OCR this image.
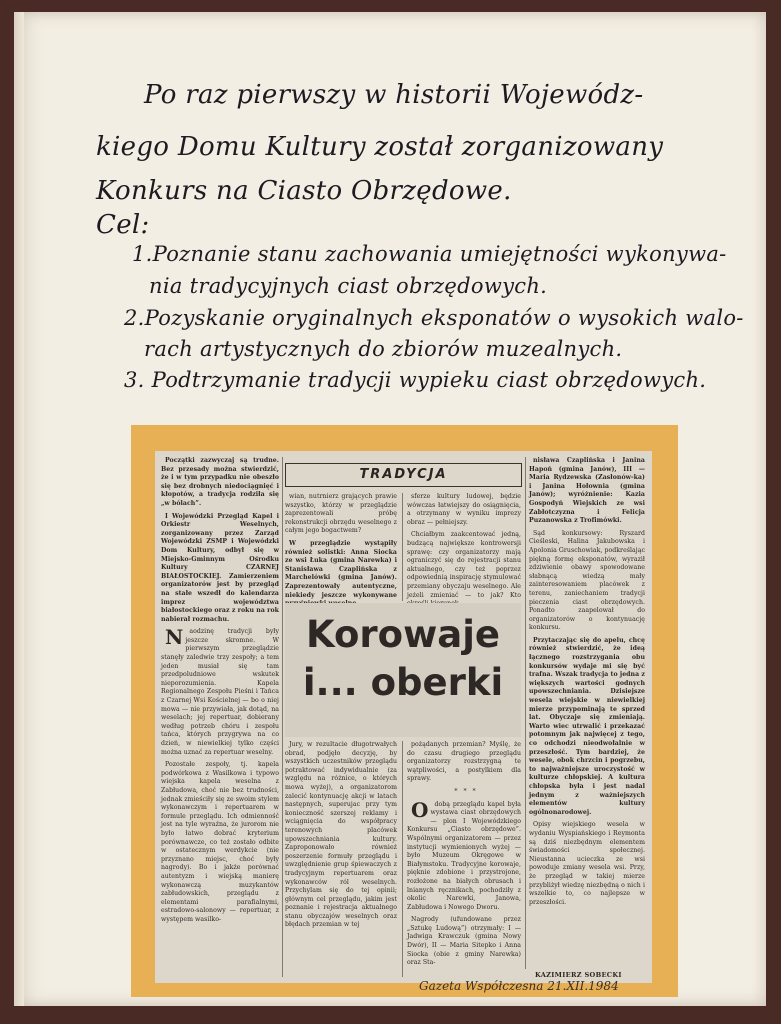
Po raz pierwszy w historii Wojewódz-
kiego Domu Kultury został zorganizowany
Konkurs na Ciasto Obrzędowe.
Cel:
1.Poznanie stanu zachowania umiejętności wykonywa-
nia tradycyjnych ciast obrzędowych.
2.Pozyskanie oryginalnych eksponatów o wysokich walo-
rach artystycznych do zbiorów muzealnych.
3. Podtrzymanie tradycji wypieku ciast obrzędowych.

Początki zazwyczaj są trudne. Bez przesady można stwierdzić, że i w tym przypadku nie obeszło się bez drobnych niedociągnięć i kłopotów, a tradycja rodziła się „w bólach”.

I Wojewódzki Przegląd Kapel i Orkiestr Weselnych, zorganizowany przez Zarząd Wojewódzki ZSMP i Wojewódzki Dom Kultury, odbył się w Miejsko-Gminnym Ośrodku Kultury CZARNEJ BIAŁOSTOCKIEJ. Zamierzeniem organizatorów jest by przegląd na stałe wszedł do kalendarza imprez województwa białostockiego oraz z roku na rok nabierał rozmachu.

Naodzinę tradycji były jeszcze skromne. W pierwszym przeglądzie stanęły zaledwie trzy zespoły; a tem jeden musiał się tam przedpoludniowe wskutek nieporozumienia. Kapela Regionalnego Zespołu Pieśni i Tańca z Czarnej Wsi Kościelnej — bo o niej mowa — nie przywiała, jak dotąd, na weselach; jej repertuar, dobierany według potrzeb chóru i zespołu tańca, których przygrywa na co dzień, w niewielkiej tylko części można uznać za repertuar weselny.

Pozostałe zespoły, tj. kapela podwórkowa z Wasilkowa i typowo wiejska kapela weselna z Zabłudowa, choć nie bez trudności, jednak zmieściły się ze swoim stylem wykonawczym i repertuarem w formule przeglądu. Ich odmienność jest na tyle wyraźna, że jurorom nie było łatwo dobrać kryterium porównawcze, co też zostało odbite w ostatecznym werdykcie (nie przyznano miejsc, choć były nagrody). Bo i jakże porównać autentyzm i wiejską manierę wykonawczą muzykantów zabłudowskich, przeglądu z elementami parafialnymi, estradowo-salonowy — repertuar, z występem wasilko-

TRADYCJA

wian, nutrnierz grających prawie wszystko, którzy w przeglądzie zaprezentowali próbę rekonstrukcji obrzędu weselnego z całym jego bogactwem?

W przeglądzie wystąpiły również solistki: Anna Siocka ze wsi Łuka (gmina Narewka) i Stanisława Czaplińska z Marchelówki (gmina Janów). Zaprezentowały autentyczne, niekiedy jeszcze wykonywane

sferze kultury ludowej, będzie wówczas łatwiejszy do osiągnięcia, a otrzymany w wyniku imprezy obraz — pełniejszy.

Chciałbym zaakcentować jedną, budzącą największe kontrowersji sprawę: czy organizatorzy mają ograniczyć się do rejestracji stanu aktualnego, czy też poprzez odpowiednią inspirację stymulować przemiany obyczaju weselnego. Ale jeżeli zmieniać — to jak? Kto

Korowaje
i... oberki

Jury, w rezultacie długotrwałych obrad, podjęło decyzję, by wszystkich uczestników przeglądu potraktować indywidualnie (za względu na różnice, o których mowa wyżej), a organizatorom zalecić kontynuację akcji w latach następnych, superujac przy tym konieczność szerszej reklamy i wciągnięcia do współpracy terenowych placówek upowszechniania kultury. Zaproponowało również poszerzenie formuły przeglądu i uwzględnienie grup śpiewaczych z tradycyjnym repertuarem oraz wykonawców ról weselnych. Przychylam się do tej opinii; głównym cel przeglądu, jakim jest poznanie i rejestracja aktualnego stanu obyczajów weselnych oraz błędach przemian w tej

pożądanych przemian? Myślę, że do czasu drugiego przeglądu organizatorzy rozstrzygną te wątpliwości, a postylkiem dla sprawy.

* * *

Odobą przeglądu kapel była wystawa ciast obrzędowych — plon I Wojewódzkiego Konkursu „Ciasto obrzędowe”. Wspólnymi organizatorem — przez instytucji wymienionych wyżej — było Muzeum Okręgowe w Białymstoku. Tradycyjne korowaje, pięknie zdobione i przystrojone, rozłożone na białych obrusach i lnianych ręcznikach, pochodziły z okolic Narewki, Janowa, Zabłudowa i Nowego Dworu.

Nagrody (ufundowane przez „Sztukę Ludową”) otrzymały: I — Jadwiga Krawczuk (gmina Nowy Dwór), II — Maria Sitepko i Anna Siocka (obie z gminy Narewka) oraz Sta-

nisława Czaplińska i Janina Hapoń (gmina Janów), III — Maria Rydzewska (Zasłonów-ka) i Janina Hołownia (gmina Janów); wyróżnienie: Kazia Gospodyń Wiejskich ze wsi Zabłotczyzna i Felicja Puzanowska z Trofimówki.

Sąd konkursowy: Ryszard Cieśleski, Halina Jakubowska i Apolonia Gruschowiak, podkreślając piękną formę eksponatów, wyraził zdziwienie obawy spowodowane słabnącą wiedzą mały zainteresowaniem placówek z terenu, zaniechaniem tradycji pieczenia ciast obrzędowych. Ponadto zaapelował do organizatorów o kontynuację konkursu.

Przytaczając się do apelu, chcę również stwierdzić, że ideą łącznego rozstrzygania obu konkursów wydaje mi się być trafna. Wszak tradycja to jedna z większych wartości godnych upowszechniania. Dzisiejsze wesela wiejskie w niewielkiej mierze przypominają te sprzed lat. Obyczaje się zmieniają. Warto wiec utrwalić i przekazać potomnym jak najwięcej z tego, co odchodzi nieodwołalnie w przeszłość. Tym bardziej, że wesele, obok chrzcin i pogrzebu, to najważniejsze uroczystość w kulturze chłopskiej. A kultura chłopska była i jest nadal jednym z ważniejszych elementów kultury ogólnonarodowej.

Opisy wiejskiego wesela w wydaniu Wyspiańskiego i Reymonta są dziś niezbędnym elementem świadomości społecznej. Nieustanna ucieczka ze wsi powoduje zmiany wesela wsi. Przy, że przegląd w takiej mierze przybliżył wiedzę niezbędną o nich i wszelkie to, co najlepsze w przeszłości.

KAZIMIERZ SOBECKI
Gazeta Współczesna 21.XII.1984
